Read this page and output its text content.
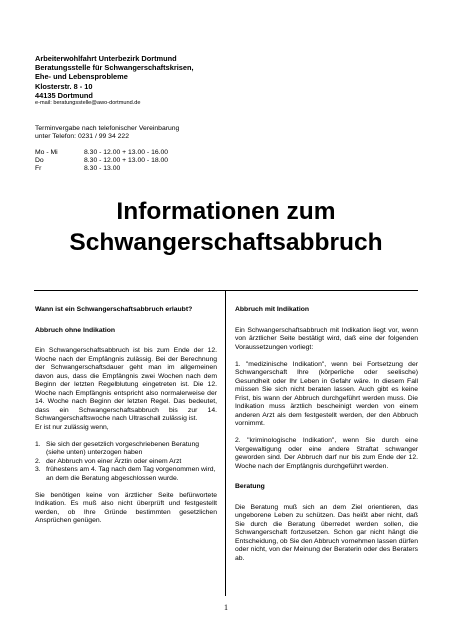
Arbeiterwohlfahrt Unterbezirk Dortmund
Beratungsstelle für Schwangerschaftskrisen,
Ehe- und Lebensprobleme
Klosterstr. 8 - 10
44135 Dortmund
e-mail: beratungsstelle@awo-dortmund.de
Terminvergabe nach telefonischer Vereinbarung
unter Telefon: 0231 / 99 34 222
Mo - Mi	8.30 - 12.00 + 13.00 - 16.00
Do	8.30 - 12.00 + 13.00 - 18.00
Fr	8.30 - 13.00
Informationen zum
Schwangerschaftsabbruch

Wann ist ein Schwangerschaftsabbruch erlaubt?

Abbruch ohne Indikation

Ein Schwangerschaftsabbruch ist bis zum Ende der 12. Woche nach der Empfängnis zulässig. Bei der Berechnung der Schwangerschaftsdauer geht man im allgemeinen davon aus, dass die Empfängnis zwei Wochen nach dem Beginn der letzten Regelblutung eingetreten ist. Die 12. Woche nach Empfängnis entspricht also normalerweise der 14. Woche nach Beginn der letzten Regel. Das bedeutet, dass ein Schwangerschaftsabbruch bis zur 14. Schwangerschaftswoche nach Ultraschall zulässig ist.

Er ist nur zulässig wenn,

1. Sie sich der gesetzlich vorgeschriebenen Beratung (siehe unten) unterzogen haben
2. der Abbruch von einer Ärztin oder einem Arzt
3. frühestens am 4. Tag nach dem Tag vorgenommen wird, an dem die Beratung abgeschlossen wurde.

Sie benötigen keine von ärztlicher Seite befürwortete Indikation. Es muß also nicht überprüft und festgestellt werden, ob Ihre Gründe bestimmten gesetzlichen Ansprüchen genügen.

Abbruch mit Indikation

Ein Schwangerschaftsabbruch mit Indikation liegt vor, wenn von ärztlicher Seite bestätigt wird, daß eine der folgenden Voraussetzungen vorliegt:

1. "medizinische Indikation", wenn bei Fortsetzung der Schwangerschaft Ihre (körperliche oder seelische) Gesundheit oder Ihr Leben in Gefahr wäre. In diesem Fall müssen Sie sich nicht beraten lassen. Auch gibt es keine Frist, bis wann der Abbruch durchgeführt werden muss. Die Indikation muss ärztlich bescheinigt werden von einem anderen Arzt als dem festgestellt werden, der den Abbruch vornimmt.

2. "kriminologische Indikation", wenn Sie durch eine Vergewaltigung oder eine andere Straftat schwanger geworden sind. Der Abbruch darf nur bis zum Ende der 12. Woche nach der Empfängnis durchgeführt werden.

Beratung

Die Beratung muß sich an dem Ziel orientieren, das ungeborene Leben zu schützen. Das heißt aber nicht, daß Sie durch die Beratung überredet werden sollen, die Schwangerschaft fortzusetzen. Schon gar nicht hängt die Entscheidung, ob Sie den Abbruch vornehmen lassen dürfen oder nicht, von der Meinung der Beraterin oder des Beraters ab.

1
